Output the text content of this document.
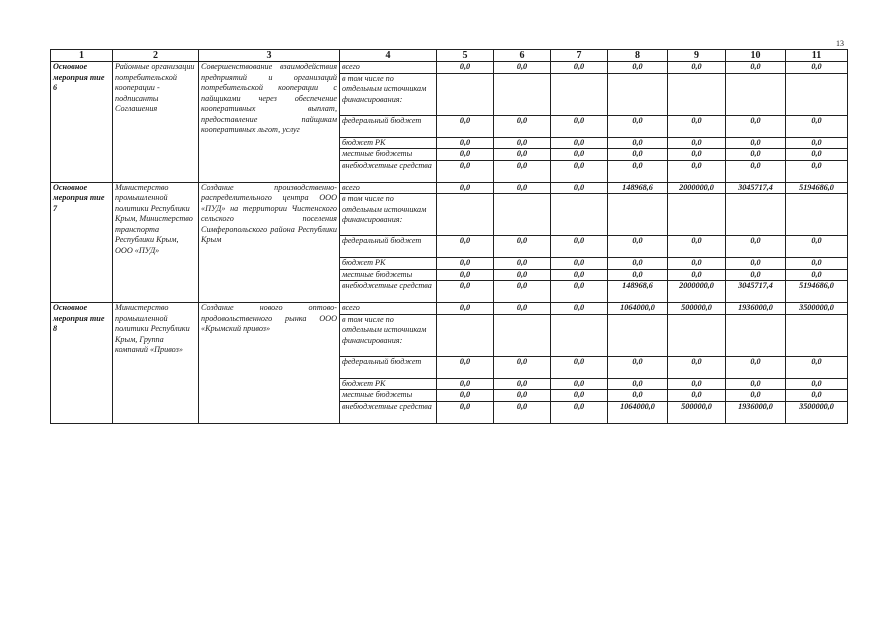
13
1	2	3	4	5	6	7	8	9	10	11
Основное мероприя тие 6	Районные организации потребительской кооперации - подписанты Соглашения	Совершенствование взаимодействия предприятий и организаций потребительской кооперации с пайщиками через обеспечение кооперативных выплат, предоставление пайщикам кооперативных льгот, услуг	всего	0,0	0,0	0,0	0,0	0,0	0,0	0,0
			в том числе по отдельным источникам финансирования:							
			федеральный бюджет	0,0	0,0	0,0	0,0	0,0	0,0	0,0
			бюджет РК	0,0	0,0	0,0	0,0	0,0	0,0	0,0
			местные бюджеты	0,0	0,0	0,0	0,0	0,0	0,0	0,0
			внебюджетные средства	0,0	0,0	0,0	0,0	0,0	0,0	0,0
Основное мероприя тие 7	Министерство промышленной политики Республики Крым, Министерство транспорта Республики Крым, ООО «ПУД»	Создание производственно-распределительного центра ООО «ПУД» на территории Чистенского сельского поселения Симферопольского района Республики Крым	всего	0,0	0,0	0,0	148968,6	2000000,0	3045717,4	5194686,0
			в том числе по отдельным источникам финансирования:							
			федеральный бюджет	0,0	0,0	0,0	0,0	0,0	0,0	0,0
			бюджет РК	0,0	0,0	0,0	0,0	0,0	0,0	0,0
			местные бюджеты	0,0	0,0	0,0	0,0	0,0	0,0	0,0
			внебюджетные средства	0,0	0,0	0,0	148968,6	2000000,0	3045717,4	5194686,0
Основное мероприя тие 8	Министерство промышленной политики Республики Крым, Группа компаний «Привоз»	Создание нового оптово-продовольственного рынка ООО «Крымский привоз»	всего	0,0	0,0	0,0	1064000,0	500000,0	1936000,0	3500000,0
			в том числе по отдельным источникам финансирования:							
			федеральный бюджет	0,0	0,0	0,0	0,0	0,0	0,0	0,0
			бюджет РК	0,0	0,0	0,0	0,0	0,0	0,0	0,0
			местные бюджеты	0,0	0,0	0,0	0,0	0,0	0,0	0,0
			внебюджетные средства	0,0	0,0	0,0	1064000,0	500000,0	1936000,0	3500000,0
